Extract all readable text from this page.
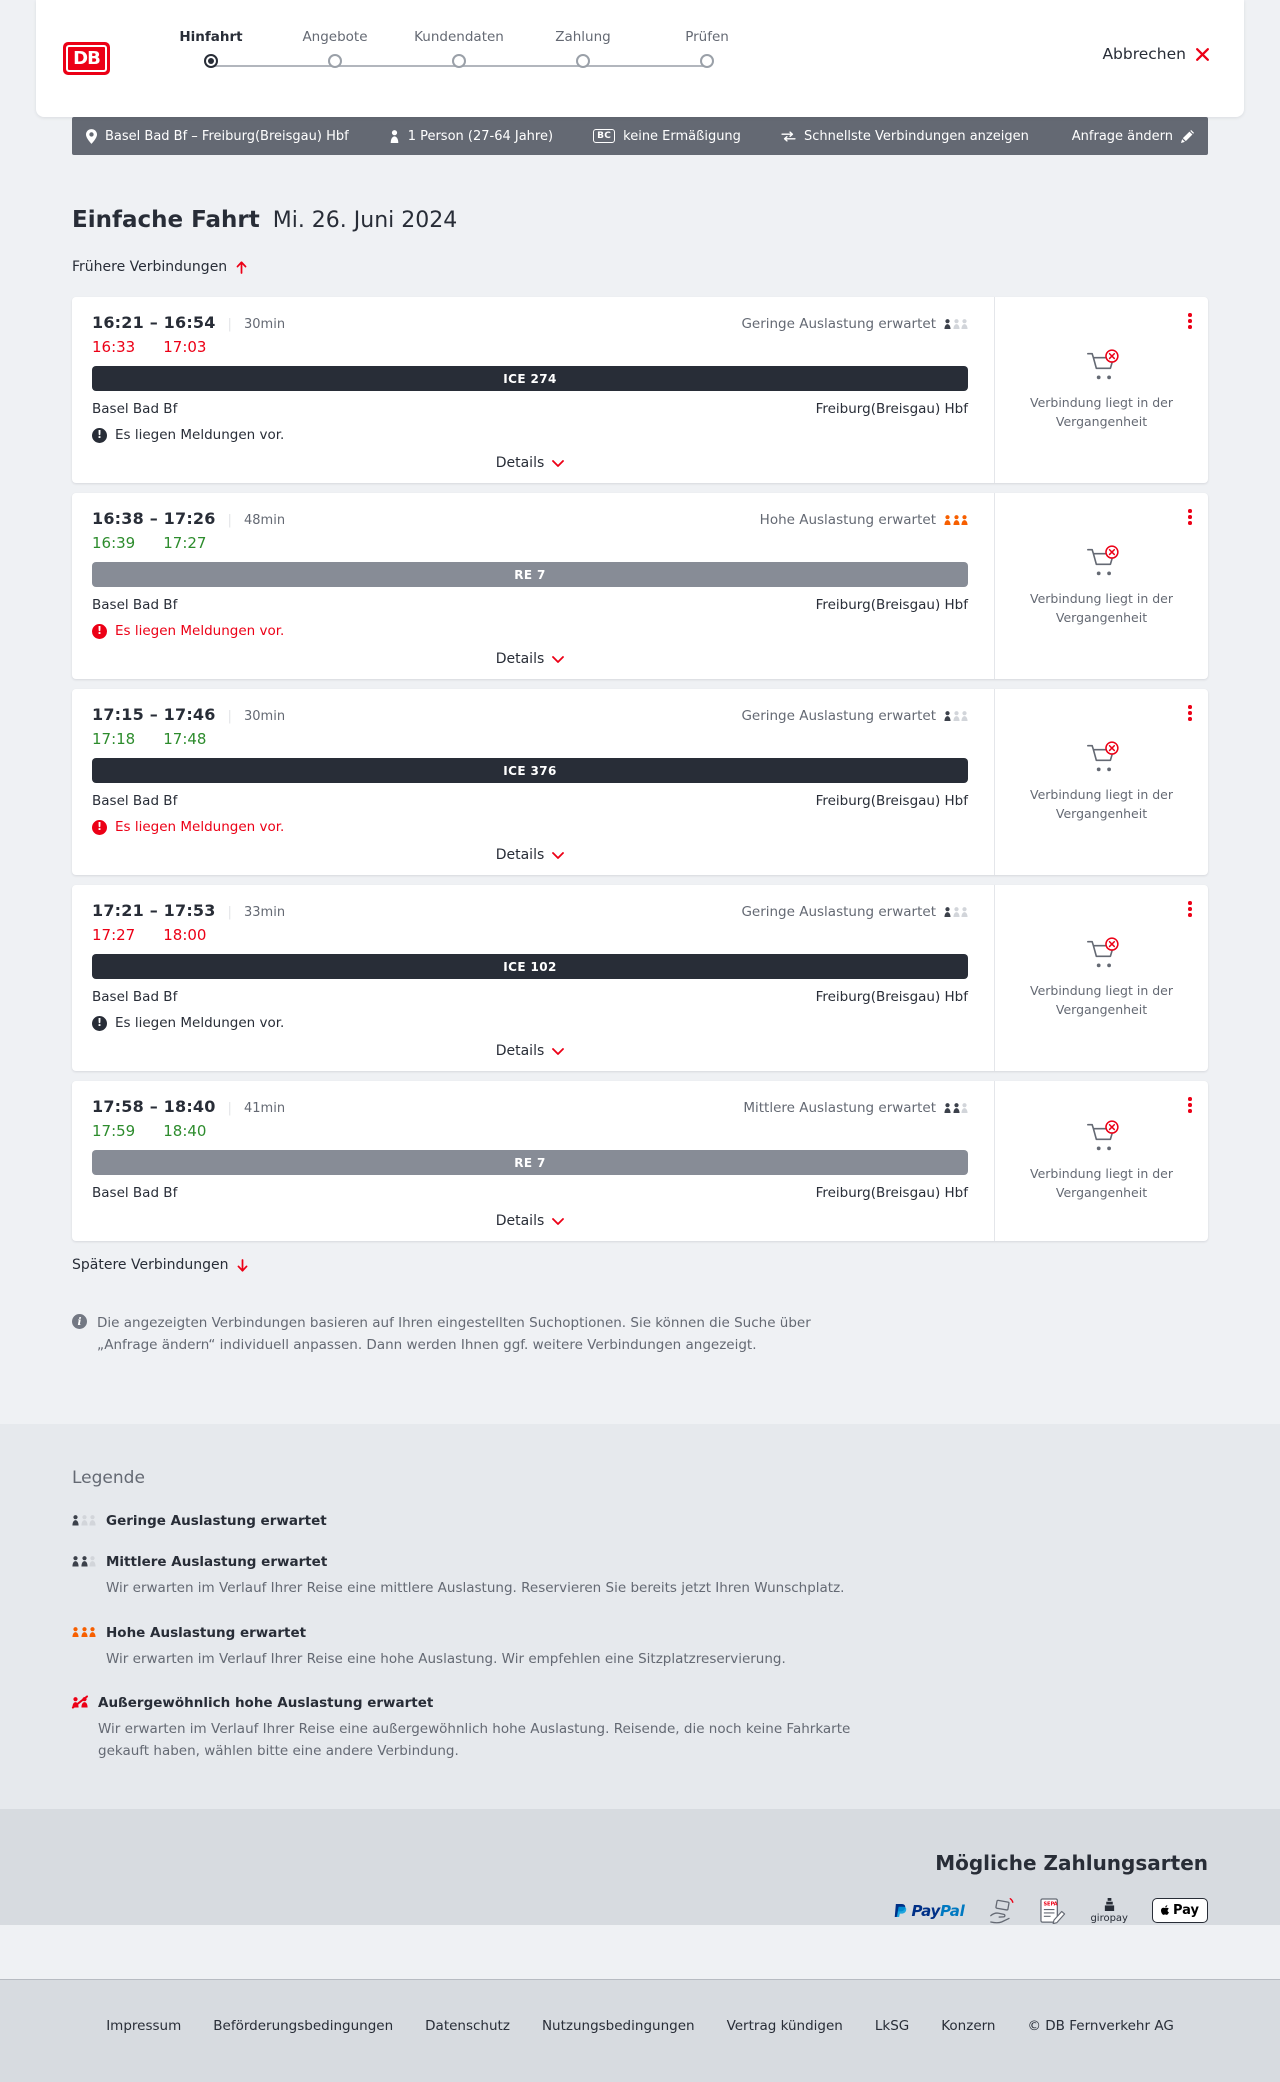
DB
Hinfahrt	Angebote	Kundendaten	Zahlung	Prüfen
Abbrechen
Basel Bad Bf – Freiburg(Breisgau) Hbf	1 Person (27-64 Jahre)	BC keine Ermäßigung	Schnellste Verbindungen anzeigen	Anfrage ändern
Einfache Fahrt Mi. 26. Juni 2024
Frühere Verbindungen
16:21 – 16:54	| 30min	Geringe Auslastung erwartet
16:33 17:03
ICE 274
Basel Bad Bf	Freiburg(Breisgau) Hbf
!
Es liegen Meldungen vor.
Details

Verbindung liegt in der Vergangenheit

16:38 – 17:26	| 48min	Hohe Auslastung erwartet
16:39 17:27
RE 7
Basel Bad Bf	Freiburg(Breisgau) Hbf
!
Es liegen Meldungen vor.
Details

Verbindung liegt in der Vergangenheit

17:15 – 17:46	| 30min	Geringe Auslastung erwartet
17:18 17:48
ICE 376
Basel Bad Bf	Freiburg(Breisgau) Hbf
!
Es liegen Meldungen vor.
Details

Verbindung liegt in der Vergangenheit

17:21 – 17:53	| 33min	Geringe Auslastung erwartet
17:27 18:00
ICE 102
Basel Bad Bf	Freiburg(Breisgau) Hbf
!
Es liegen Meldungen vor.
Details

Verbindung liegt in der Vergangenheit

17:58 – 18:40	| 41min	Mittlere Auslastung erwartet
17:59 18:40
RE 7
Basel Bad Bf	Freiburg(Breisgau) Hbf
Details

Verbindung liegt in der Vergangenheit

Spätere Verbindungen
i

Die angezeigten Verbindungen basieren auf Ihren eingestellten Suchoptionen. Sie können die Suche über „Anfrage ändern“ individuell anpassen. Dann werden Ihnen ggf. weitere Verbindungen angezeigt.

Legende
Geringe Auslastung erwartet
Mittlere Auslastung erwartet

Wir erwarten im Verlauf Ihrer Reise eine mittlere Auslastung. Reservieren Sie bereits jetzt Ihren Wunschplatz.

Hohe Auslastung erwartet

Wir erwarten im Verlauf Ihrer Reise eine hohe Auslastung. Wir empfehlen eine Sitzplatzreservierung.

Außergewöhnlich hohe Auslastung erwartet

Wir erwarten im Verlauf Ihrer Reise eine außergewöhnlich hohe Auslastung. Reisende, die noch keine Fahrkarte gekauft haben, wählen bitte eine andere Verbindung.

Mögliche Zahlungsarten
PayPal	SEPA
giropay	Pay
Impressum Beförderungsbedingungen Datenschutz Nutzungsbedingungen Vertrag kündigen LkSG Konzern © DB Fernverkehr AG
